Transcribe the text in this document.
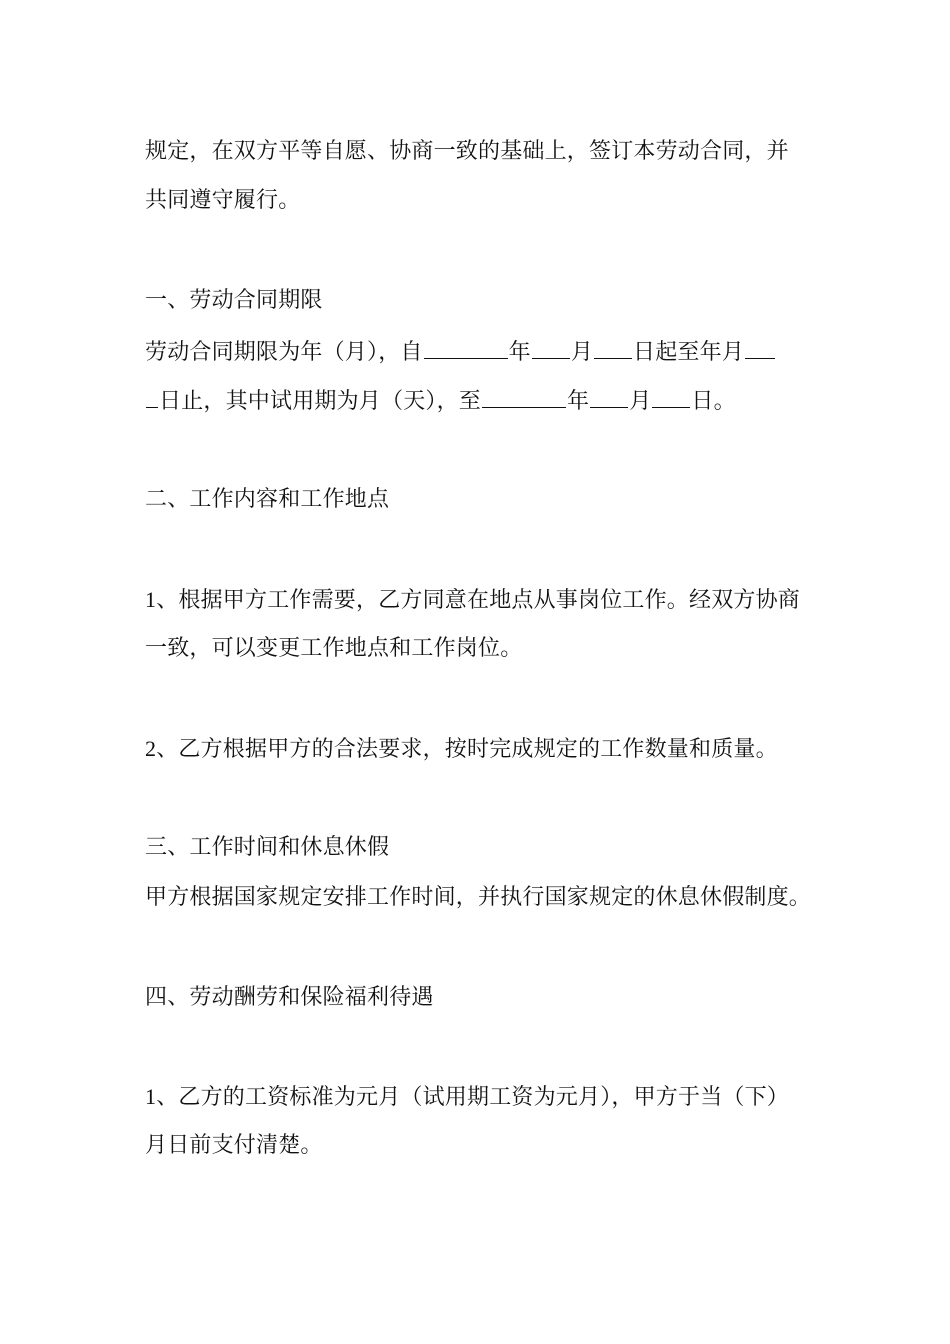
规定，在双方平等自愿、协商一致的基础上，签订本劳动合同，并
共同遵守履行。
一、劳动合同期限
劳动合同期限为年（月），自	年 月 日起至年月
日止，其中试用期为月（天），至	年 月 日。
二、工作内容和工作地点
1、根据甲方工作需要，乙方同意在地点从事岗位工作。经双方协商
一致，可以变更工作地点和工作岗位。
2、乙方根据甲方的合法要求，按时完成规定的工作数量和质量。
三、工作时间和休息休假
甲方根据国家规定安排工作时间，并执行国家规定的休息休假制度。
四、劳动酬劳和保险福利待遇
1、乙方的工资标准为元月（试用期工资为元月），甲方于当（下）
月日前支付清楚。
